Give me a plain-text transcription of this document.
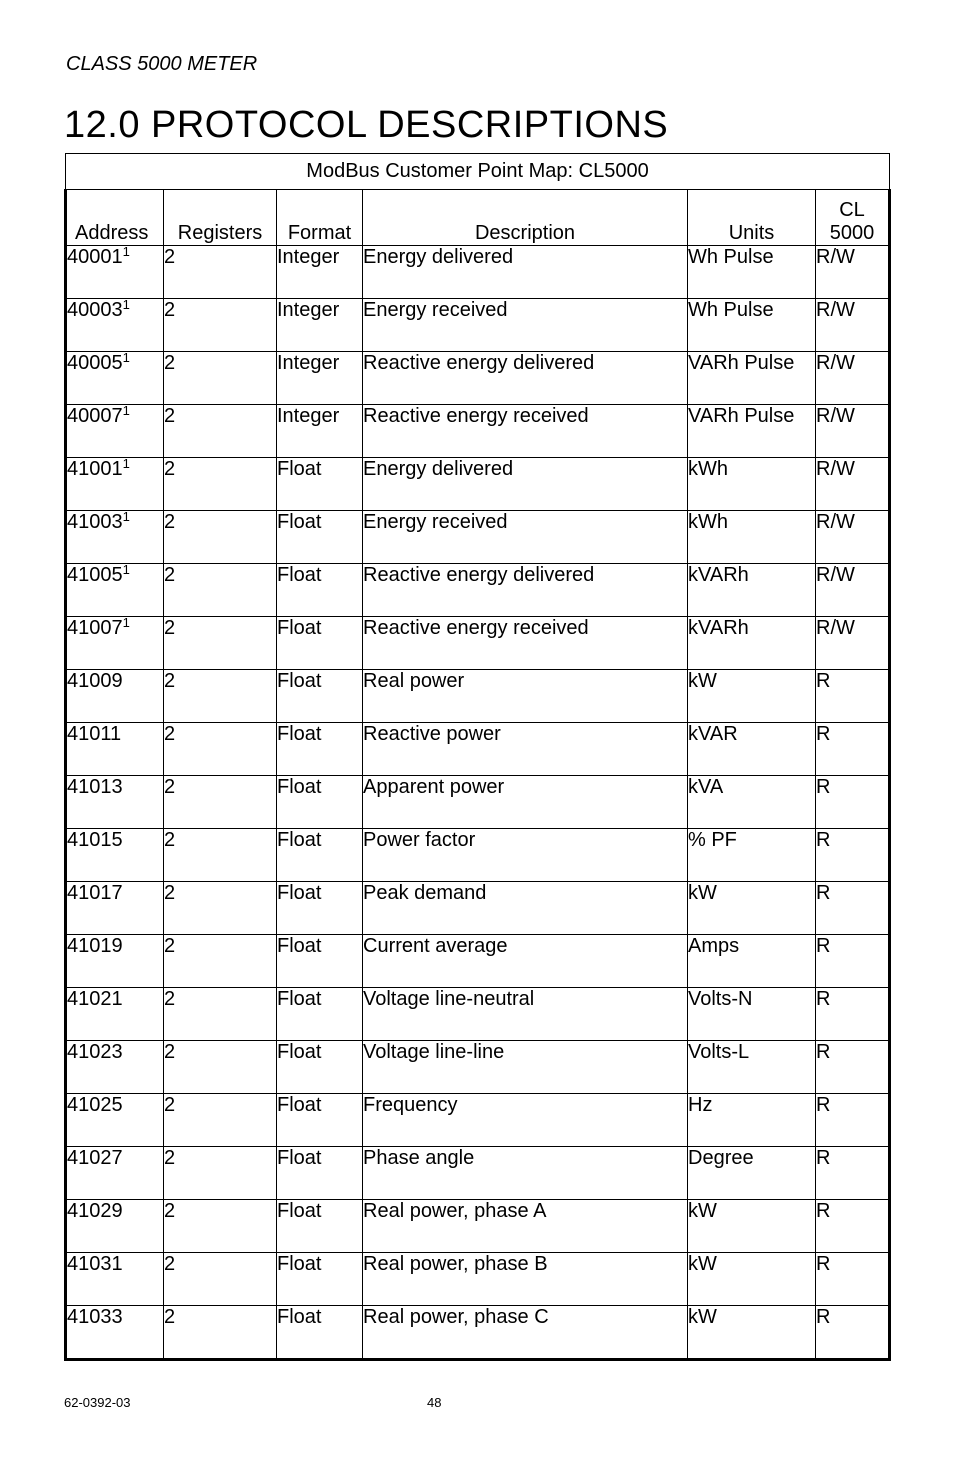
CLASS 5000 METER
12.0 PROTOCOL DESCRIPTIONS
ModBus Customer Point Map: CL5000					
Address	Registers	Format	Description	Units	CL
5000
40001$^1$	2	Integer	Energy delivered	Wh Pulse	R/W
40003$^1$	2	Integer	Energy received	Wh Pulse	R/W
40005$^1$	2	Integer	Reactive energy delivered	VARh Pulse	R/W
40007$^1$	2	Integer	Reactive energy received	VARh Pulse	R/W
41001$^1$	2	Float	Energy delivered	kWh	R/W
41003$^1$	2	Float	Energy received	kWh	R/W
41005$^1$	2	Float	Reactive energy delivered	kVARh	R/W
41007$^1$	2	Float	Reactive energy received	kVARh	R/W
41009	2	Float	Real power	kW	R
41011	2	Float	Reactive power	kVAR	R
41013	2	Float	Apparent power	kVA	R
41015	2	Float	Power factor	% PF	R
41017	2	Float	Peak demand	kW	R
41019	2	Float	Current average	Amps	R
41021	2	Float	Voltage line-neutral	Volts-N	R
41023	2	Float	Voltage line-line	Volts-L	R
41025	2	Float	Frequency	Hz	R
41027	2	Float	Phase angle	Degree	R
41029	2	Float	Real power, phase A	kW	R
41031	2	Float	Real power, phase B	kW	R
41033	2	Float	Real power, phase C	kW	R
62-0392-03	48
